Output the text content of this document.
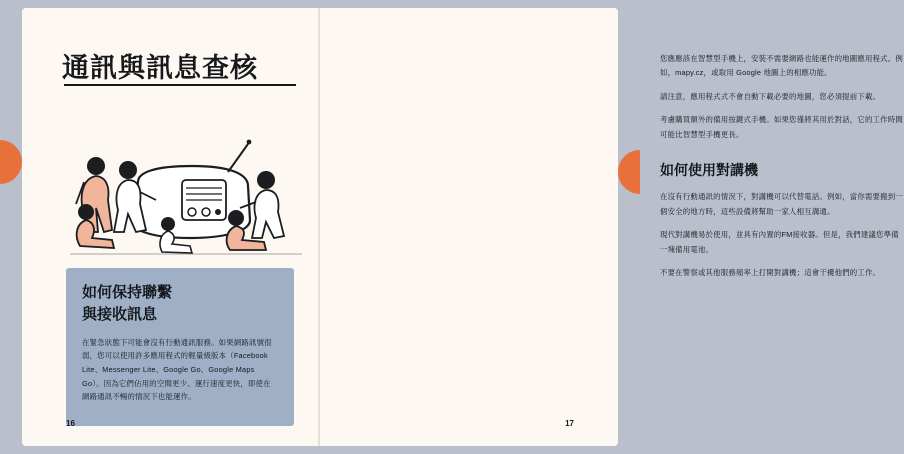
通訊與訊息查核
如何保持聯繫
與接收訊息

在緊急狀態下可能會沒有行動通訊服務。如果網路訊號很弱，您可以使用許多應用程式的輕量級版本（Facebook Lite、Messenger Lite、Google Go、Google Maps Go）。因為它們佔用的空間更少、運行速度更快，即使在網路通訊不暢的情況下也能運作。

16

您應應該在智慧型手機上，安裝不需要網路也能運作的地圖應用程式。例如，mapy.cz，或取用 Google 地圖上的相應功能。

請注意，應用程式式不會自動下載必要的地圖，您必須提前下載。

考慮購買額外的備用按鍵式手機。如果您僅將其用於對話，它的工作時間可能比智慧型手機更長。

如何使用對講機

在沒有行動通訊的情況下，對講機可以代替電話。例如，當你需要搬到一個安全的地方時，這些設備將幫助一家人相互溝通。

現代對講機易於使用，並具有內置的FM接收器。但是，我們建議您準備一塊備用電池。

不要在警察或其他服務頻率上打開對講機；這會干擾他們的工作。

17
